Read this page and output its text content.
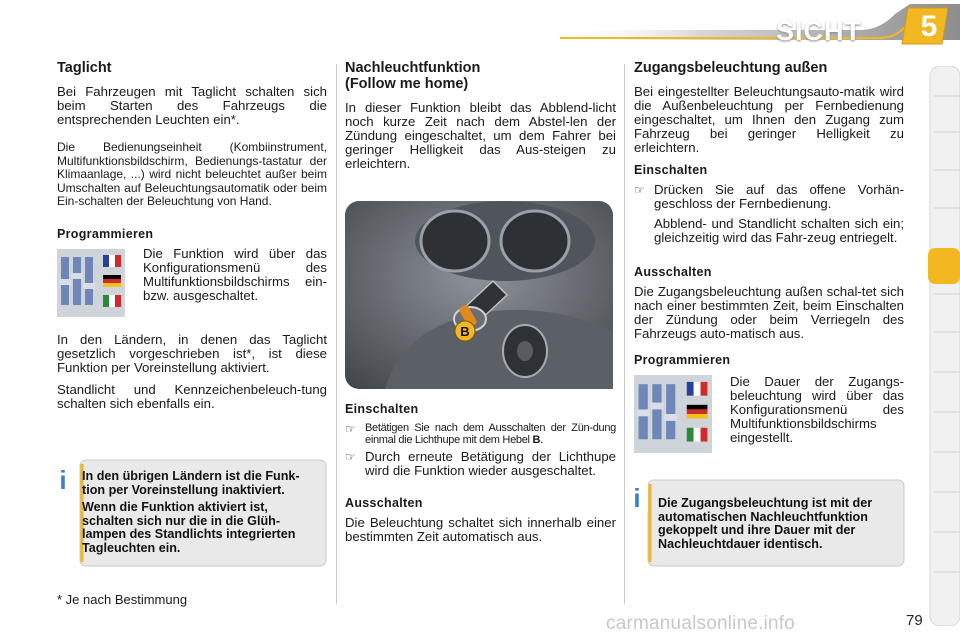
SICHT 5
Taglicht

Bei Fahrzeugen mit Taglicht schalten sich beim Starten des Fahrzeugs die entsprechenden Leuchten ein*.

Die Bedienungseinheit (Kombiinstrument, Multifunktionsbildschirm, Bedienungs-tastatur der Klimaanlage, ...) wird nicht beleuchtet außer beim Umschalten auf Beleuchtungsautomatik oder beim Ein-schalten der Beleuchtung von Hand.

Programmieren

Die Funktion wird über das Konfigurationsmenü des Multifunktionsbildschirms ein- bzw. ausgeschaltet.

In den Ländern, in denen das Taglicht gesetzlich vorgeschrieben ist*, ist diese Funktion per Voreinstellung aktiviert.

Standlicht und Kennzeichenbeleuch-tung schalten sich ebenfalls ein.

i In den übrigen Ländern ist die Funk-tion per Voreinstellung inaktiviert.
Wenn die Funktion aktiviert ist, schalten sich nur die in die Glüh-lampen des Standlichts integrierten Tagleuchten ein.
* Je nach Bestimmung
Nachleuchtfunktion (Follow me home)

In dieser Funktion bleibt das Abblend-licht noch kurze Zeit nach dem Abstel-len der Zündung eingeschaltet, um dem Fahrer bei geringer Helligkeit das Aus-steigen zu erleichtern.

B
Einschalten
☞ Betätigen Sie nach dem Ausschalten der Zün-dung einmal die Lichthupe mit dem Hebel B.
☞ Durch erneute Betätigung der Lichthupe wird die Funktion wieder ausgeschaltet.
Ausschalten

Die Beleuchtung schaltet sich innerhalb einer bestimmten Zeit automatisch aus.

Zugangsbeleuchtung außen

Bei eingestellter Beleuchtungsauto-matik wird die Außenbeleuchtung per Fernbedienung eingeschaltet, um Ihnen den Zugang zum Fahrzeug bei geringer Helligkeit zu erleichtern.

Einschalten
☞ Drücken Sie auf das offene Vorhän-geschloss der Fernbedienung.

Abblend- und Standlicht schalten sich ein; gleichzeitig wird das Fahr-zeug entriegelt.

Ausschalten

Die Zugangsbeleuchtung außen schal-tet sich nach einer bestimmten Zeit, beim Einschalten der Zündung oder beim Verriegeln des Fahrzeugs auto-matisch aus.

Programmieren

Die Dauer der Zugangs-beleuchtung wird über das Konfigurationsmenü des Multifunktionsbildschirms eingestellt.

i Die Zugangsbeleuchtung ist mit der automatischen Nachleuchtfunktion gekoppelt und ihre Dauer mit der Nachleuchtdauer identisch.
carmanualsonline.info	79
